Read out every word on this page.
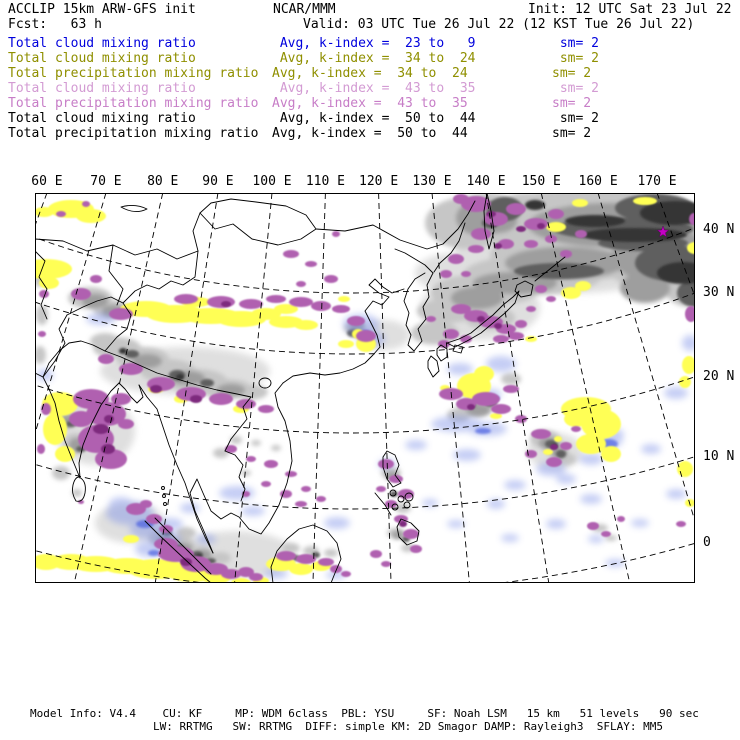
ACCLIP 15km ARW-GFS init	NCAR/MMM	Init: 12 UTC Sat 23 Jul 22
Fcst:   63 h	Valid: 03 UTC Tue 26 Jul 22 (12 KST Tue 26 Jul 22)
Total cloud mixing ratio	Avg, k-index =  23 to   9	sm= 2
Total cloud mixing ratio	Avg, k-index =  34 to  24	sm= 2
Total precipitation mixing ratio Avg, k-index =  34 to  24	sm= 2
Total cloud mixing ratio	Avg, k-index =  43 to  35	sm= 2
Total precipitation mixing ratio Avg, k-index =  43 to  35	sm= 2
Total cloud mixing ratio	Avg, k-index =  50 to  44	sm= 2
Total precipitation mixing ratio Avg, k-index =  50 to  44	sm= 2
60 E 70 E 80 E 90 E 100 E 110 E 120 E 130 E 140 E 150 E 160 E 170 E
40 N
30 N
20 N
10 N
0
Model Info: V4.4    CU: KF     MP: WDM 6class  PBL: YSU     SF: Noah LSM   15 km   51 levels   90 sec
LW: RRTMG   SW: RRTMG  DIFF: simple KM: 2D Smagor DAMP: Rayleigh3  SFLAY: MM5
